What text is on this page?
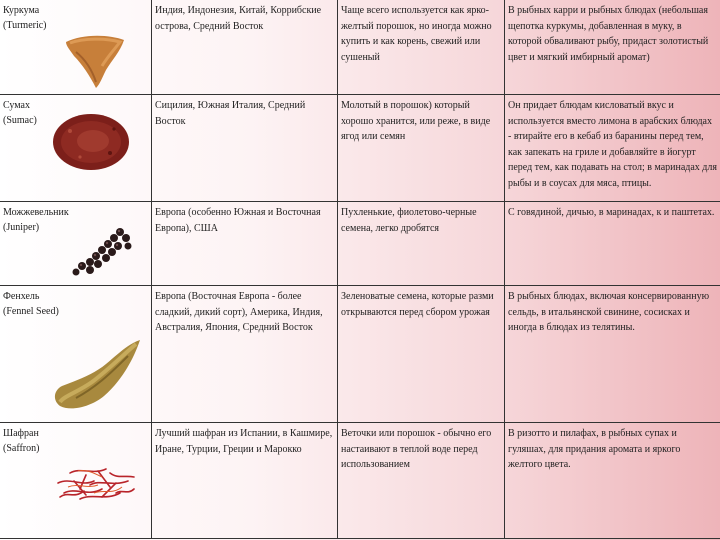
Куркума
(Turmeric)
Индия, Индонезия, Китай, Коррибские острова, Средний Восток
Чаще всего используется как ярко-желтый порошок, но иногда можно купить и как корень, свежий или сушеный
В рыбных карри и рыбных блюдах (небольшая щепотка куркумы, добавленная в муку, в которой обваливают рыбу, придаст золотистый цвет и мягкий имбирный аромат)
Сумах
(Sumac)
Сицилия, Южная Италия, Средний Восток
Молотый в порошок) который хорошо хранится, или реже, в виде ягод или семян
Он придает блюдам кисловатый вкус и используется вместо лимона в арабских блюдах - втирайте его в кебаб из баранины перед тем, как запекать на гриле и добавляйте в йогурт перед тем, как подавать на стол; в маринадах для рыбы и в соусах для мяса, птицы.
Можжевельник
(Juniper)
Европа (особенно Южная и Восточная Европа), США
Пухленькие, фиолетово-черные семена, легко дробятся
С говядиной, дичью, в маринадах, к и паштетах.
Фенхель
(Fennel Seed)
Европа (Восточная Европа - более сладкий, дикий сорт), Америка, Индия, Австралия, Япония, Средний Восток
Зеленоватые семена, которые разми открываются перед сбором урожая
В рыбных блюдах, включая консервированную сельдь, в итальянской свинине, сосисках и иногда в блюдах из телятины.
Шафран
(Saffron)
Лучший шафран из Испании, в Кашмире, Иране, Турции, Греции и Марокко
Веточки или порошок - обычно его настаивают в теплой воде перед использованием
В ризотто и пилафах, в рыбных супах и гуляшах, для придания аромата и яркого желтого цвета.
